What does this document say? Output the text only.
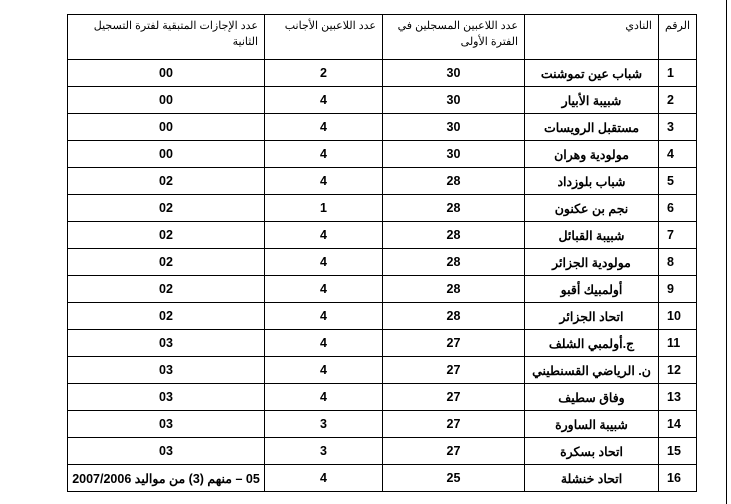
الرقم	النادي	عدد اللاعبين المسجلين في الفترة الأولى	عدد اللاعبين الأجانب	عدد الإجازات المتبقية لفترة التسجيل الثانية
1	شباب عين تموشنت	30	2	00
2	شبيبة الأبيار	30	4	00
3	مستقبل الرويسات	30	4	00
4	مولودية وهران	30	4	00
5	شباب بلوزداد	28	4	02
6	نجم بن عكنون	28	1	02
7	شبيبة القبائل	28	4	02
8	مولودية الجزائر	28	4	02
9	أولمبيك أقبو	28	4	02
10	اتحاد الجزائر	28	4	02
11	ج.أولمبي الشلف	27	4	03
12	ن. الرياضي القسنطيني	27	4	03
13	وفاق سطيف	27	4	03
14	شبيبة الساورة	27	3	03
15	اتحاد بسكرة	27	3	03
16	اتحاد خنشلة	25	4	05 – منهم (3) من مواليد 2007/2006
